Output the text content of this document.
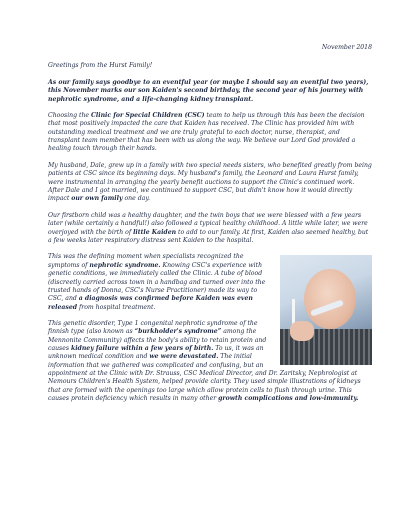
November 2018

Greetings from the Hurst Family!

As our family says goodbye to an eventful year (or maybe I should say an eventful two years), this November marks our son Kaiden's second birthday, the second year of his journey with nephrotic syndrome, and a life-changing kidney transplant.

Choosing the Clinic for Special Children (CSC) team to help us through this has been the decision that most positively impacted the care that Kaiden has received. The Clinic has provided him with outstanding medical treatment and we are truly grateful to each doctor, nurse, therapist, and transplant team member that has been with us along the way. We believe our Lord God provided a healing touch through their hands.

My husband, Dale, grew up in a family with two special needs sisters, who benefited greatly from being patients at CSC since its beginning days. My husband's family, the Leonard and Laura Hurst family, were instrumental in arranging the yearly benefit auctions to support the Clinic's continued work. After Dale and I got married, we continued to support CSC, but didn't know how it would directly impact our own family one day.

Our firstborn child was a healthy daughter, and the twin boys that we were blessed with a few years later (while certainly a handful!) also followed a typical healthy childhood. A little while later, we were overjoyed with the birth of little Kaiden to add to our family. At first, Kaiden also seemed healthy, but a few weeks later respiratory distress sent Kaiden to the hospital.

This was the defining moment when specialists recognized the symptoms of nephrotic syndrome. Knowing CSC's experience with genetic conditions, we immediately called the Clinic. A tube of blood (discreetly carried across town in a handbag and turned over into the trusted hands of Donna, CSC's Nurse Practitioner) made its way to CSC, and a diagnosis was confirmed before Kaiden was even released from hospital treatment.

This genetic disorder, Type 1 congenital nephrotic syndrome of the finnish type (also known as “burkholder's syndrome” among the Mennonite Community) affects the body's ability to retain protein and causes kidney failure within a few years of birth. To us, it was an unknown medical condition and we were devastated. The initial information that we gathered was complicated and confusing, but an appointment at the Clinic with Dr. Strauss, CSC Medical Director, and Dr. Zaritsky, Nephrologist at Nemours Children's Health System, helped provide clarity. They used simple illustrations of kidneys that are formed with the openings too large which allow protein cells to flush through urine. This causes protein deficiency which results in many other growth complications and low-immunity.
